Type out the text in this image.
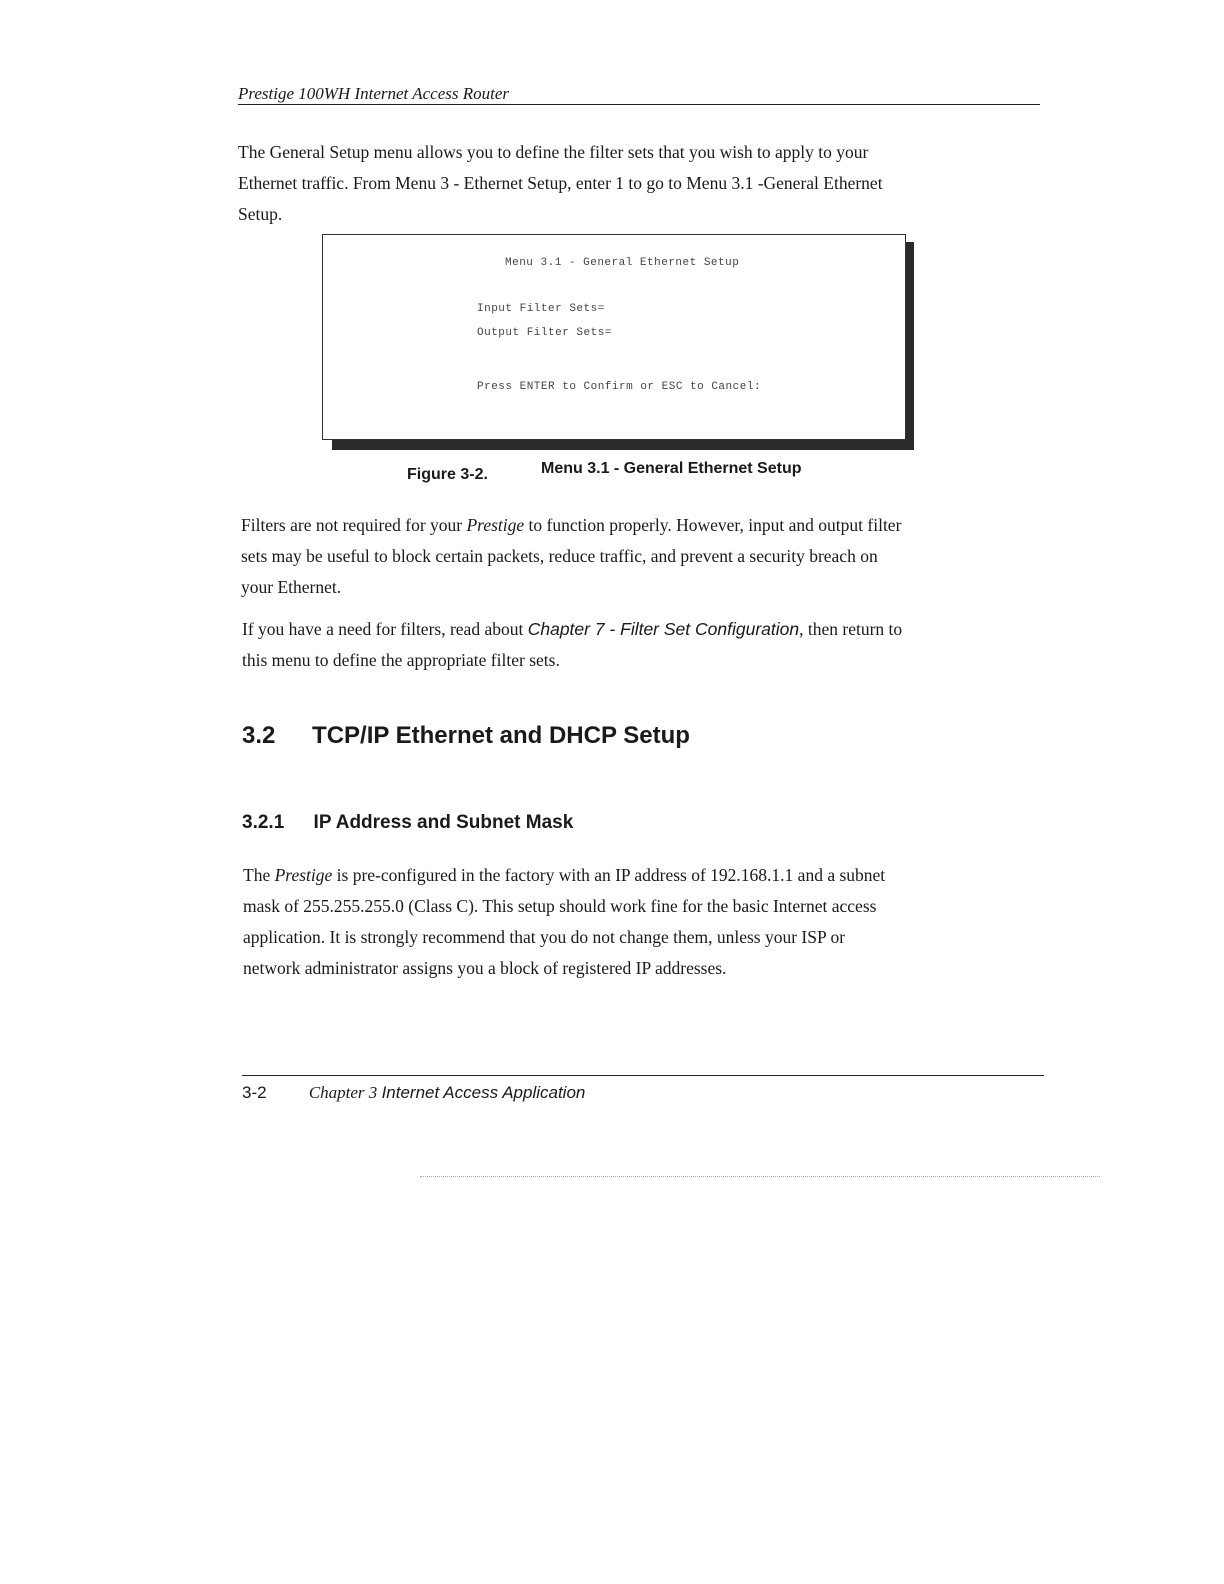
Prestige 100WH Internet Access Router
The General Setup menu allows you to define the filter sets that you wish to apply to your
Ethernet traffic. From Menu 3 - Ethernet Setup, enter 1 to go to Menu 3.1 -General Ethernet
Setup.
Menu 3.1 - General Ethernet Setup
Input Filter Sets=
Output Filter Sets=
Press ENTER to Confirm or ESC to Cancel:
Figure 3-2.	Menu 3.1 - General Ethernet Setup
Filters are not required for your Prestige to function properly. However, input and output filter
sets may be useful to block certain packets, reduce traffic, and prevent a security breach on
your Ethernet.
If you have a need for filters, read about Chapter 7 - Filter Set Configuration, then return to
this menu to define the appropriate filter sets.
3.2 TCP/IP Ethernet and DHCP Setup
3.2.1 IP Address and Subnet Mask
The Prestige is pre-configured in the factory with an IP address of 192.168.1.1 and a subnet
mask of 255.255.255.0 (Class C). This setup should work fine for the basic Internet access
application. It is strongly recommend that you do not change them, unless your ISP or
network administrator assigns you a block of registered IP addresses.
3-2 Chapter 3 Internet Access Application
